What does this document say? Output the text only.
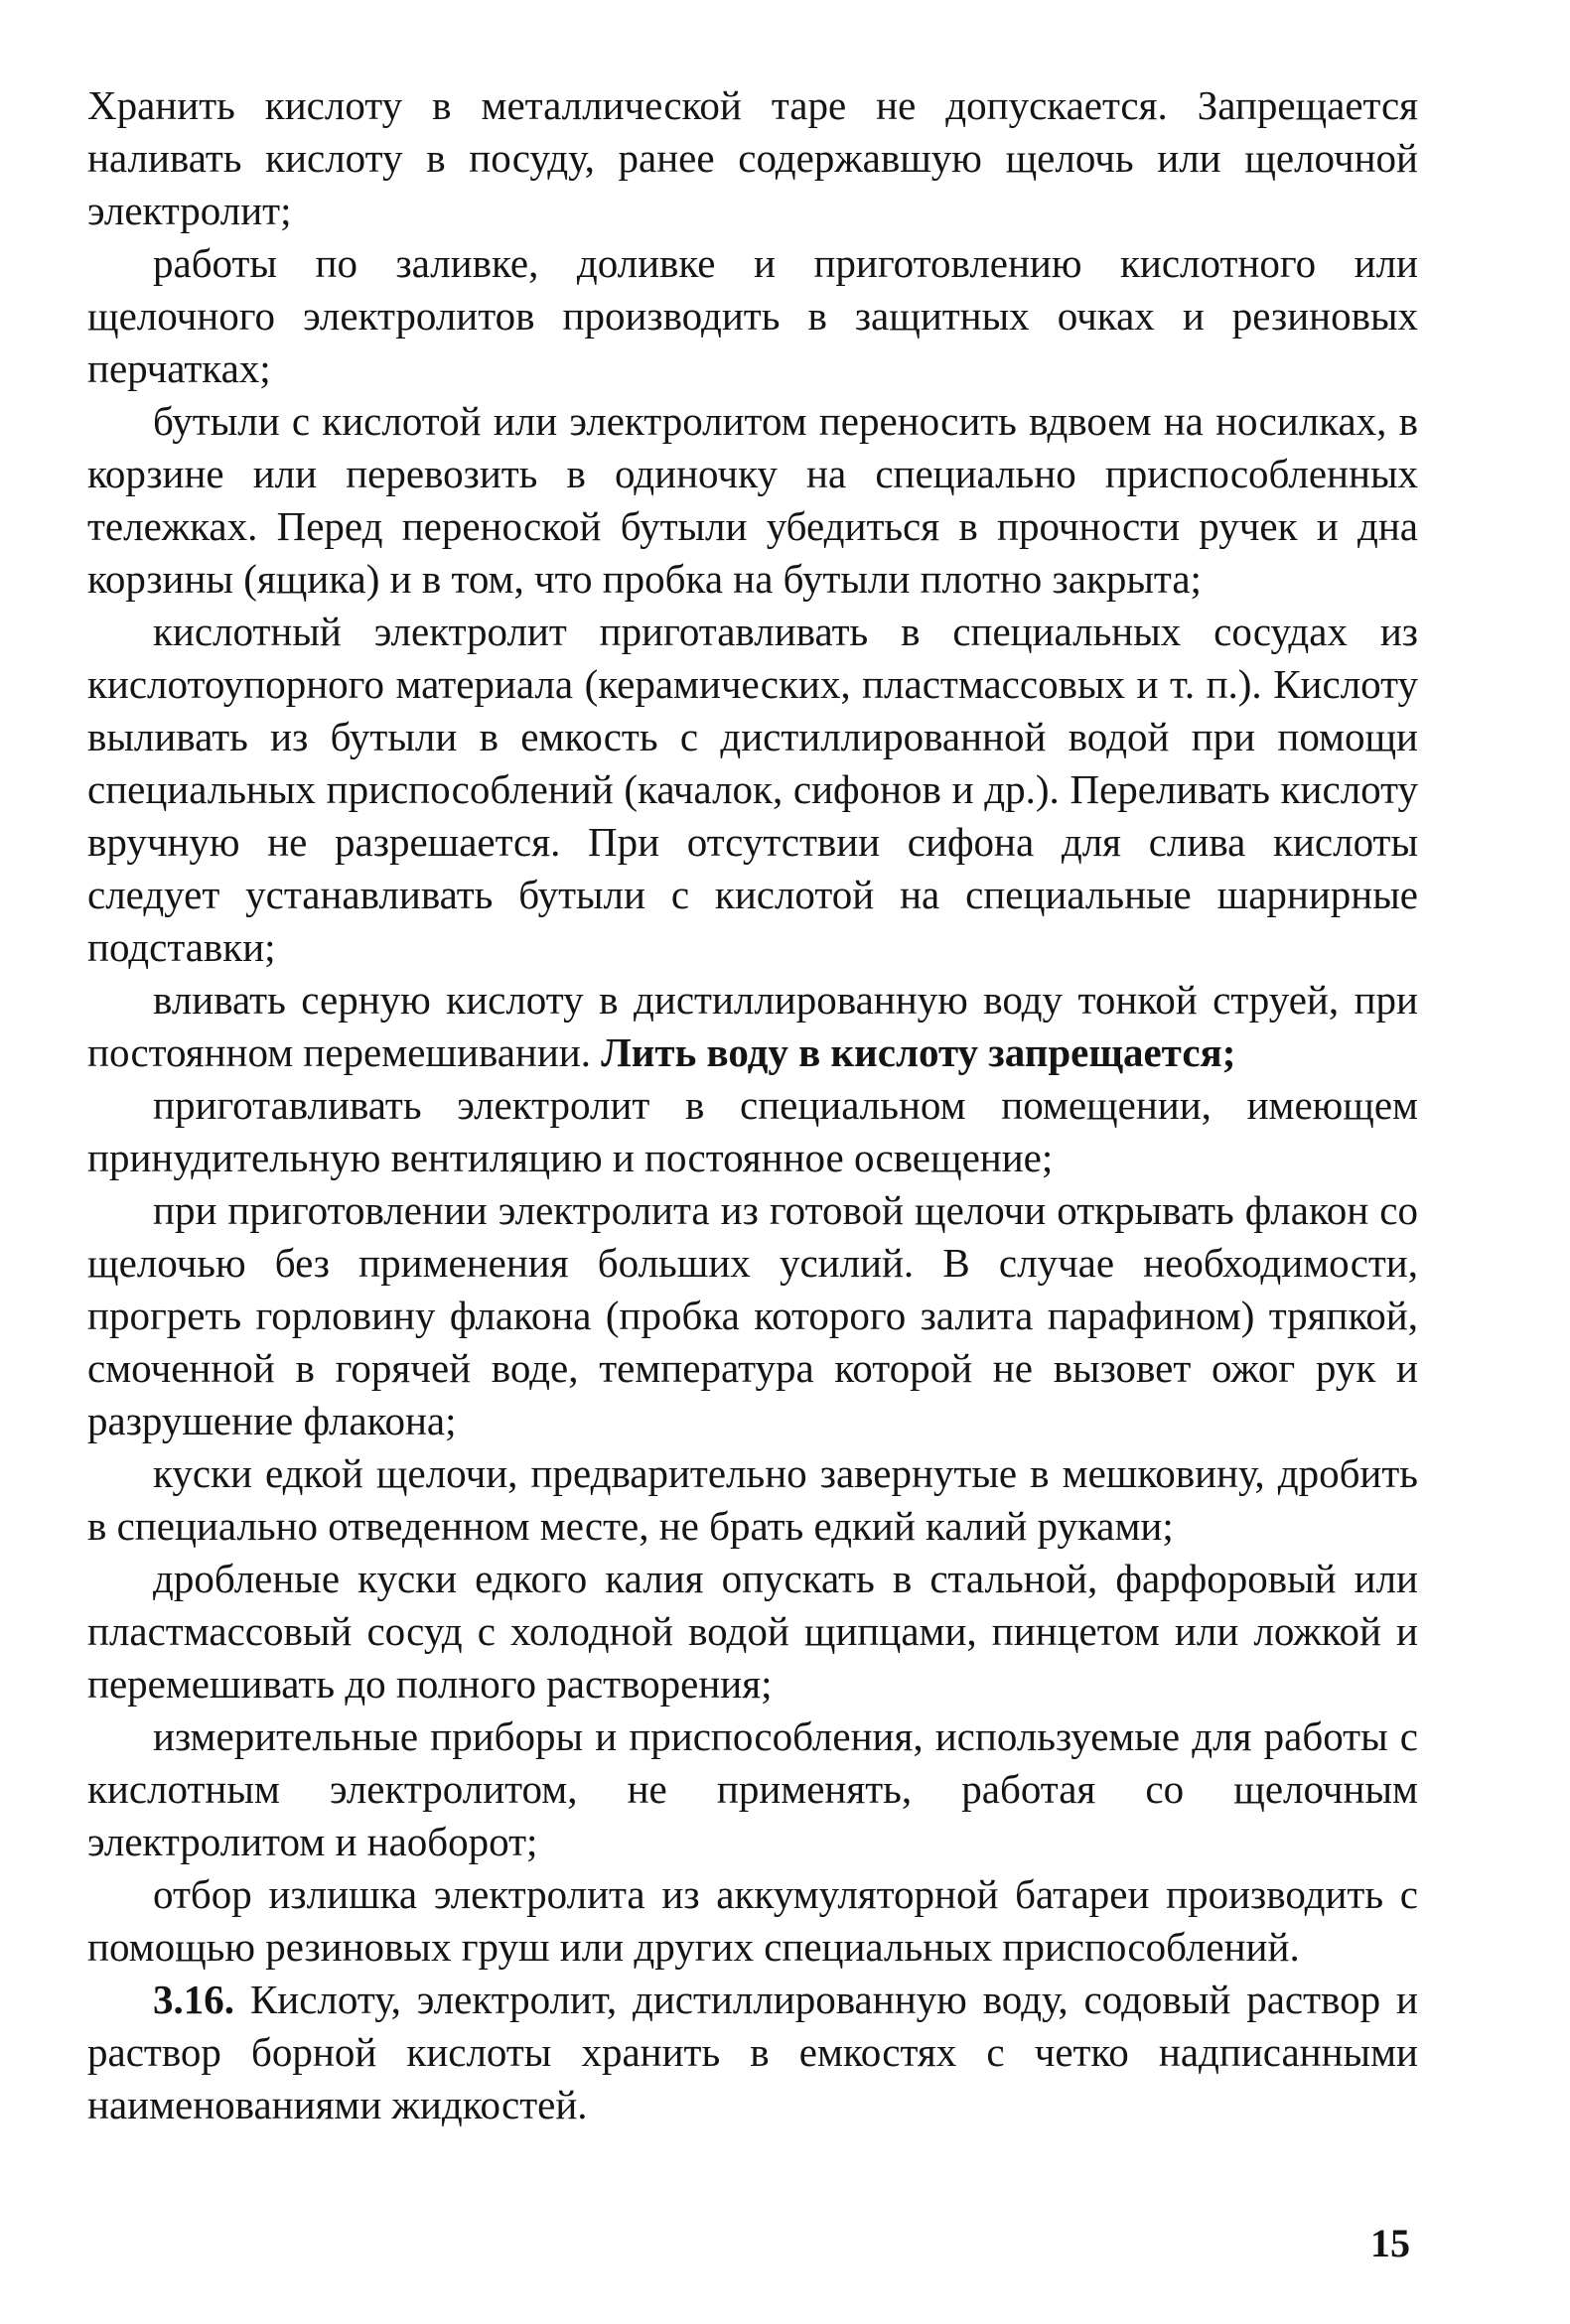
Хранить кислоту в металлической таре не допускается. Запрещается наливать кислоту в посуду, ранее содержавшую щелочь или щелочной электролит;

работы по заливке, доливке и приготовлению кислотного или щелочного электролитов производить в защитных очках и резиновых перчатках;

бутыли с кислотой или электролитом переносить вдвоем на носилках, в корзине или перевозить в одиночку на специально приспособленных тележках. Перед переноской бутыли убедиться в прочности ручек и дна корзины (ящика) и в том, что пробка на бутыли плотно закрыта;

кислотный электролит приготавливать в специальных сосудах из кислотоупорного материала (керамических, пластмассовых и т. п.). Кислоту выливать из бутыли в емкость с дистиллированной водой при помощи специальных приспособлений (качалок, сифонов и др.). Переливать кислоту вручную не разрешается. При отсутствии сифона для слива кислоты следует устанавливать бутыли с кислотой на специальные шарнирные подставки;

вливать серную кислоту в дистиллированную воду тонкой струей, при постоянном перемешивании. Лить воду в кислоту запрещается;

приготавливать электролит в специальном помещении, имеющем принудительную вентиляцию и постоянное освещение;

при приготовлении электролита из готовой щелочи открывать флакон со щелочью без применения больших усилий. В случае необходимости, прогреть горловину флакона (пробка которого залита парафином) тряпкой, смоченной в горячей воде, температура которой не вызовет ожог рук и разрушение флакона;

куски едкой щелочи, предварительно завернутые в мешковину, дробить в специально отведенном месте, не брать едкий калий руками;

дробленые куски едкого калия опускать в стальной, фарфоровый или пластмассовый сосуд с холодной водой щипцами, пинцетом или ложкой и перемешивать до полного растворения;

измерительные приборы и приспособления, используемые для работы с кислотным электролитом, не применять, работая со щелочным электролитом и наоборот;

отбор излишка электролита из аккумуляторной батареи производить с помощью резиновых груш или других специальных приспособлений.

3.16. Кислоту, электролит, дистиллированную воду, содовый раствор и раствор борной кислоты хранить в емкостях с четко надписанными наименованиями жидкостей.

15
